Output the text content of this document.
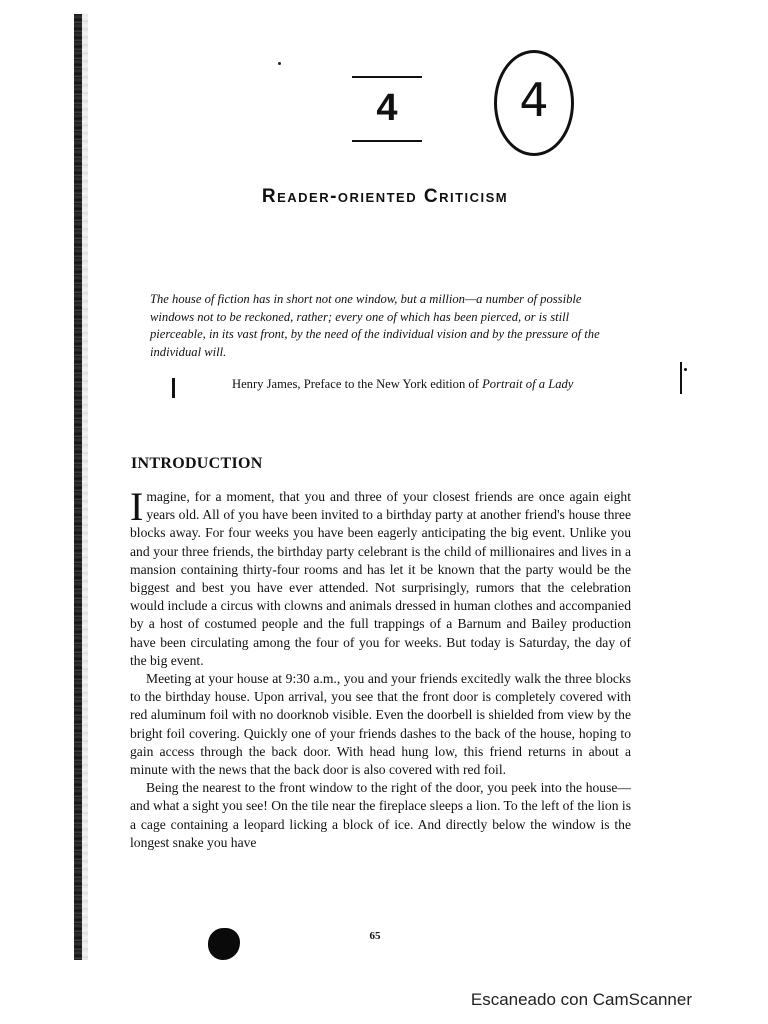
4	4
Reader-oriented Criticism

The house of fiction has in short not one window, but a million—a number of possible windows not to be reckoned, rather; every one of which has been pierced, or is still pierceable, in its vast front, by the need of the individual vision and by the pressure of the individual will.

Henry James, Preface to the New York edition of Portrait of a Lady
INTRODUCTION

Imagine, for a moment, that you and three of your closest friends are once again eight years old. All of you have been invited to a birthday party at another friend's house three blocks away. For four weeks you have been eagerly anticipating the big event. Unlike you and your three friends, the birthday party celebrant is the child of millionaires and lives in a mansion containing thirty-four rooms and has let it be known that the party would be the biggest and best you have ever attended. Not surprisingly, rumors that the celebration would include a circus with clowns and animals dressed in human clothes and accompanied by a host of costumed people and the full trappings of a Barnum and Bailey production have been circulating among the four of you for weeks. But today is Saturday, the day of the big event.

Meeting at your house at 9:30 a.m., you and your friends excitedly walk the three blocks to the birthday house. Upon arrival, you see that the front door is completely covered with red aluminum foil with no doorknob visible. Even the doorbell is shielded from view by the bright foil covering. Quickly one of your friends dashes to the back of the house, hoping to gain access through the back door. With head hung low, this friend returns in about a minute with the news that the back door is also covered with red foil.

Being the nearest to the front window to the right of the door, you peek into the house—and what a sight you see! On the tile near the fireplace sleeps a lion. To the left of the lion is a cage containing a leopard licking a block of ice. And directly below the window is the longest snake you have

65
Escaneado con CamScanner
